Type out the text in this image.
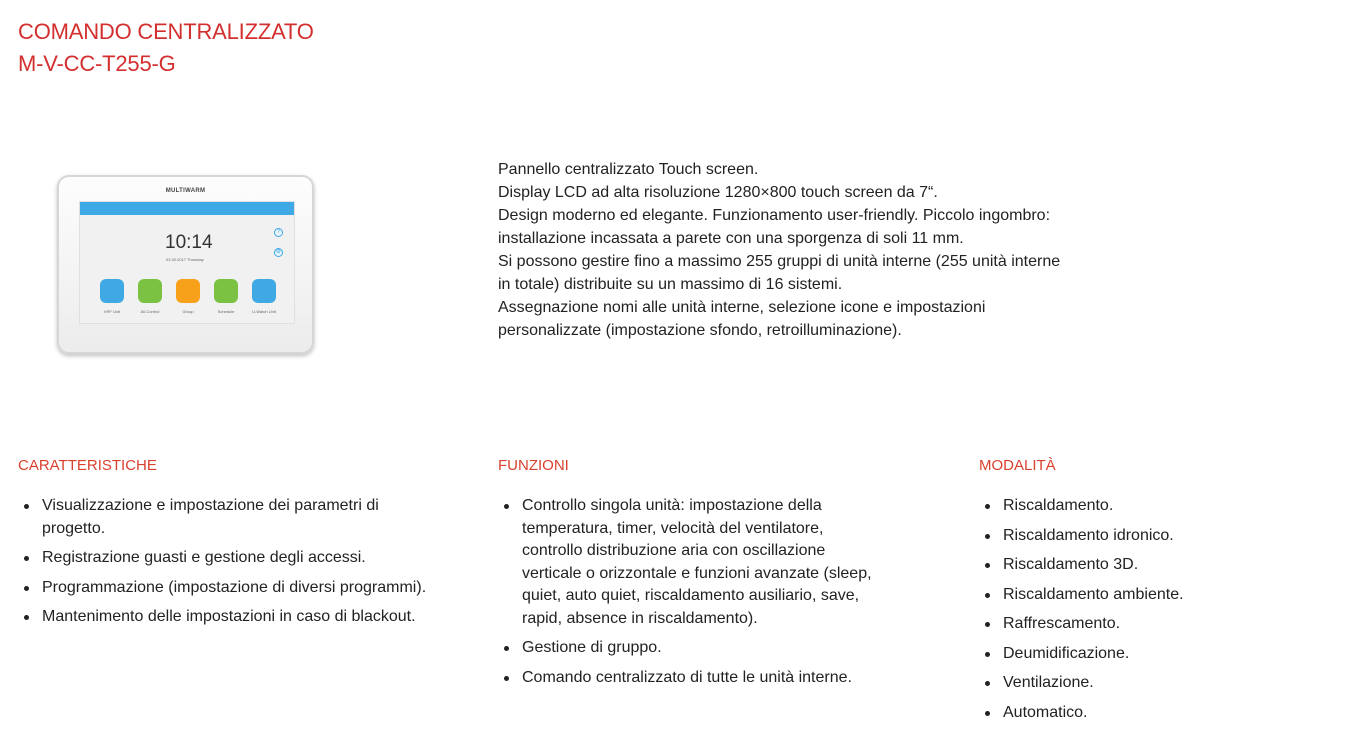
COMANDO CENTRALIZZATO
M-V-CC-T255-G
MULTIWARM
10:14
03.30.2017 Thursday
?
⚙
VRF Unit	All-Control	Group	Schedule	U-Watch Unit

Pannello centralizzato Touch screen.

Display LCD ad alta risoluzione 1280×800 touch screen da 7“.

Design moderno ed elegante. Funzionamento user-friendly. Piccolo ingombro:

installazione incassata a parete con una sporgenza di soli 11 mm.

Si possono gestire fino a massimo 255 gruppi di unità interne (255 unità interne

in totale) distribuite su un massimo di 16 sistemi.

Assegnazione nomi alle unità interne, selezione icone e impostazioni

personalizzate (impostazione sfondo, retroilluminazione).

CARATTERISTICHE
Visualizzazione e impostazione dei parametri di progetto.
Registrazione guasti e gestione degli accessi.
Programmazione (impostazione di diversi programmi).
Mantenimento delle impostazioni in caso di blackout.
FUNZIONI
Controllo singola unità: impostazione della temperatura, timer, velocità del ventilatore, controllo distribuzione aria con oscillazione verticale o orizzontale e funzioni avanzate (sleep, quiet, auto quiet, riscaldamento ausiliario, save, rapid, absence in riscaldamento).
Gestione di gruppo.
Comando centralizzato di tutte le unità interne.
MODALITÀ
Riscaldamento.
Riscaldamento idronico.
Riscaldamento 3D.
Riscaldamento ambiente.
Raffrescamento.
Deumidificazione.
Ventilazione.
Automatico.
